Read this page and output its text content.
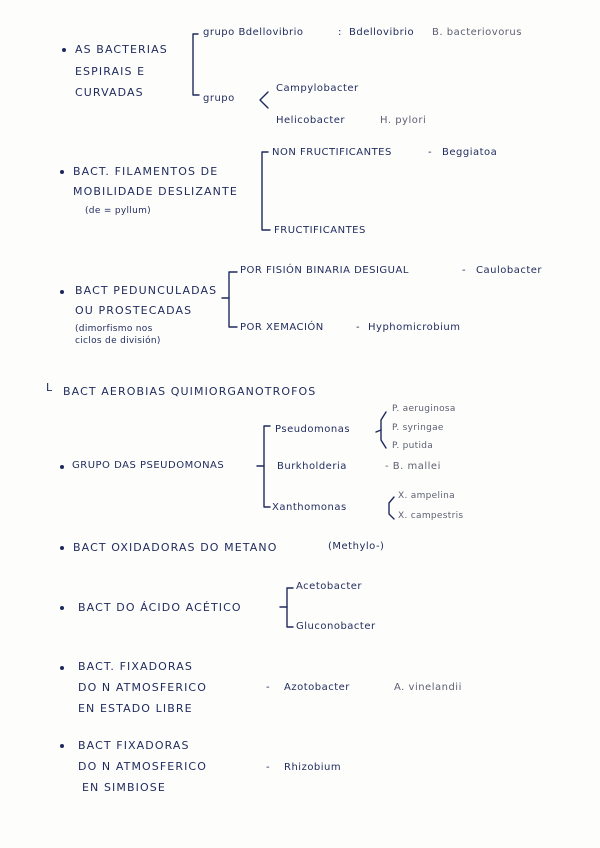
AS BACTERIAS
ESPIRAIS E
CURVADAS
grupo Bdellovibrio	: Bdellovibrio B. bacteriovorus
grupo
Campylobacter
Helicobacter	H. pylori
BACT. FILAMENTOS DE
MOBILIDADE DESLIZANTE
(de = pyllum)
NON FRUCTIFICANTES	- Beggiatoa
FRUCTIFICANTES
BACT PEDUNCULADAS
OU PROSTECADAS
(dimorfismo nos
ciclos de división)
POR FISIÓN BINARIA DESIGUAL	- Caulobacter
POR XEMACIÓN	- Hyphomicrobium
L BACT AEROBIAS QUIMIORGANOTROFOS
GRUPO DAS PSEUDOMONAS
Pseudomonas
P. aeruginosa
P. syringae
P. putida
Burkholderia	- B. mallei
Xanthomonas
X. ampelina
X. campestris
BACT OXIDADORAS DO METANO	(Methylo-)
BACT DO ÁCIDO ACÉTICO
Acetobacter
Gluconobacter
BACT. FIXADORAS
DO N ATMOSFERICO
EN ESTADO LIBRE
- Azotobacter	A. vinelandii
BACT FIXADORAS
DO N ATMOSFERICO
EN SIMBIOSE
- Rhizobium
